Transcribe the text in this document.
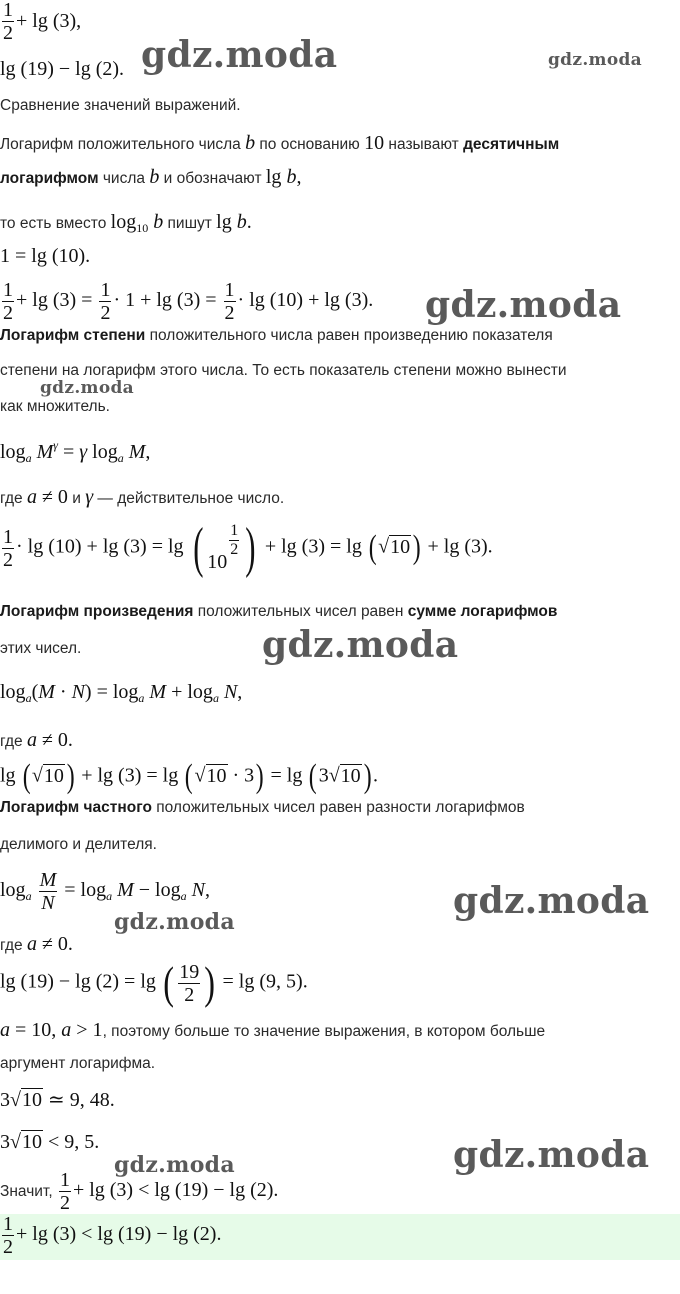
$\frac{1}{2} + \lg (3)$,
lg (19) − lg (2).
Сравнение значений выражений.
Логарифм положительного числа b по основанию 10 называют десятичным
логарифмом числа b и обозначают lg b,
то есть вместо $\log_{10} b$ пишут lg b.
1 = lg (10).
$\frac{1}{2} + \lg (3) = \frac{1}{2} \cdot 1 + \lg (3) = \frac{1}{2} \cdot \lg (10) + \lg (3)$.
Логарифм степени положительного числа равен произведению показателя
степени на логарифм этого числа. То есть показатель степени можно вынести
как множитель.
$\log_a M^\gamma = \gamma$ $\log_a M$,
где a ≠ 0 и γ — действительное число.
$\frac{1}{2} \cdot \lg (10) + \lg (3) = \lg$ ( 10
$\frac{1}{2}$ ) + lg (3) = lg (√10) + lg (3).
Логарифм произведения положительных чисел равен сумме логарифмов
этих чисел.
$\log_a(M \cdot N) = \log_a M + \log_a N$,
где a ≠ 0.
lg (√10) + lg (3) = lg (√10 · 3) = lg (3√10).
Логарифм частного положительных чисел равен разности логарифмов
делимого и делителя.
$\log_a \frac{M}{N} = \log_a M - \log_a N$,
где a ≠ 0.
lg (19) − lg (2) = lg ( $\frac{19}{2}$ ) = lg (9, 5).
a = 10, a > 1, поэтому больше то значение выражения, в котором больше
аргумент логарифма.
3√10 ≃ 9, 48.
3√10 < 9, 5.
Значит, $\frac{1}{2} + \lg (3) < \lg (19) - \lg (2)$.
$\frac{1}{2} + \lg (3) < \lg (19) - \lg (2)$.
gdz.moda	gdz.moda
gdz.moda
gdz.moda
gdz.moda
gdz.moda
gdz.moda
gdz.moda
gdz.moda
